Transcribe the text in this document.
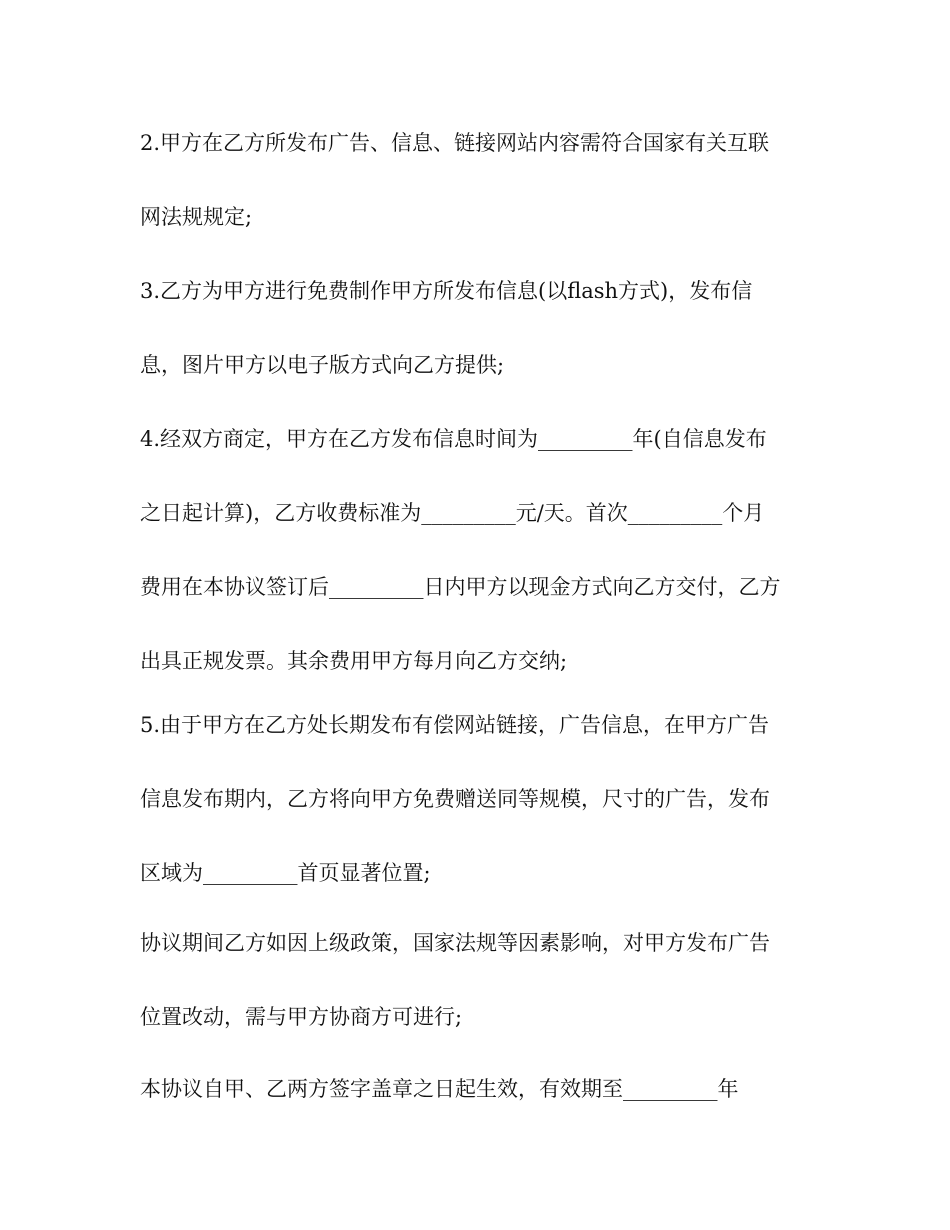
2.甲方在乙方所发布广告、信息、链接网站内容需符合国家有关互联
网法规规定;
3.乙方为甲方进行免费制作甲方所发布信息(以flash方式)，发布信
息，图片甲方以电子版方式向乙方提供;
4.经双方商定，甲方在乙方发布信息时间为_________年(自信息发布
之日起计算)，乙方收费标准为_________元/天。首次_________个月
费用在本协议签订后_________日内甲方以现金方式向乙方交付，乙方
出具正规发票。其余费用甲方每月向乙方交纳;
5.由于甲方在乙方处长期发布有偿网站链接，广告信息，在甲方广告
信息发布期内，乙方将向甲方免费赠送同等规模，尺寸的广告，发布
区域为_________首页显著位置;
协议期间乙方如因上级政策，国家法规等因素影响，对甲方发布广告
位置改动，需与甲方协商方可进行;
本协议自甲、乙两方签字盖章之日起生效，有效期至_________年
